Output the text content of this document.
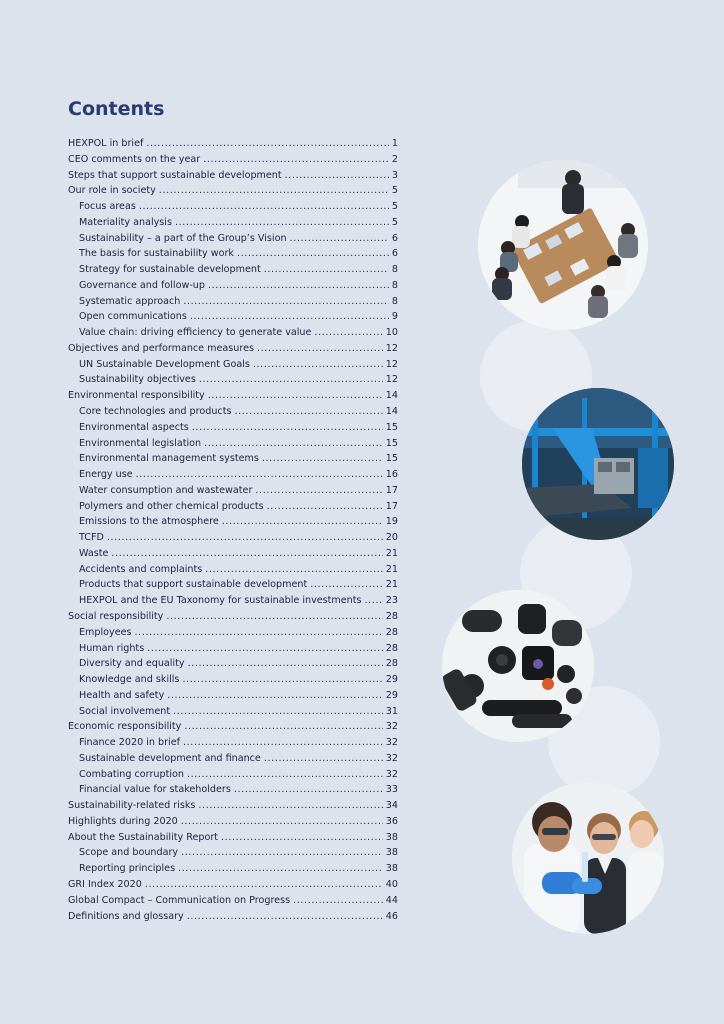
Contents
HEXPOL in brief .....	1
CEO comments on the year .....	2
Steps that support sustainable development .....	3
Our role in society .....	5
Focus areas .....	5
Materiality analysis .....	5
Sustainability – a part of the Group’s Vision .....	6
The basis for sustainability work .....	6
Strategy for sustainable development .....	8
Governance and follow-up .....	8
Systematic approach .....	8
Open communications .....	9
Value chain: driving efficiency to generate value .....	10
Objectives and performance measures .....	12
UN Sustainable Development Goals .....	12
Sustainability objectives .....	12
Environmental responsibility .....	14
Core technologies and products .....	14
Environmental aspects .....	15
Environmental legislation .....	15
Environmental management systems .....	15
Energy use .....	16
Water consumption and wastewater .....	17
Polymers and other chemical products .....	17
Emissions to the atmosphere .....	19
TCFD .....	20
Waste .....	21
Accidents and complaints .....	21
Products that support sustainable development .....	21
HEXPOL and the EU Taxonomy for sustainable investments .....	23
Social responsibility .....	28
Employees .....	28
Human rights .....	28
Diversity and equality .....	28
Knowledge and skills .....	29
Health and safety .....	29
Social involvement .....	31
Economic responsibility .....	32
Finance 2020 in brief .....	32
Sustainable development and finance .....	32
Combating corruption .....	32
Financial value for stakeholders .....	33
Sustainability-related risks .....	34
Highlights during 2020 .....	36
About the Sustainability Report .....	38
Scope and boundary .....	38
Reporting principles .....	38
GRI Index 2020 .....	40
Global Compact – Communication on Progress .....	44
Definitions and glossary .....	46
